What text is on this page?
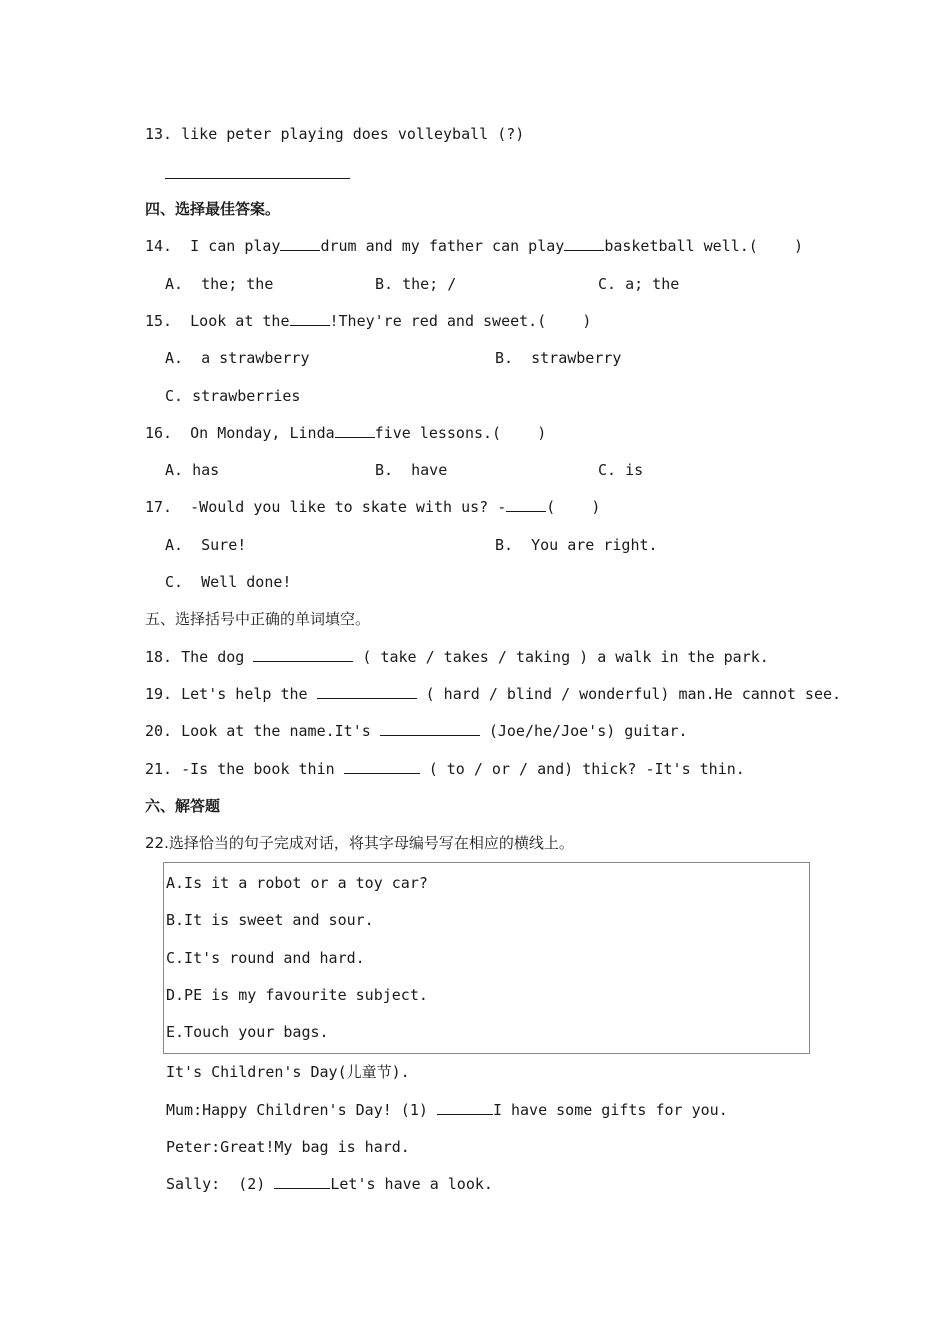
13. like peter playing does volleyball (?)
四、选择最佳答案。
14.  I can play	drum and my father can play	basketball well.(    )
A.  the; the	B. the; /	C. a; the
15.  Look at the	!They're red and sweet.(    )
A.  a strawberry	B.  strawberry
C. strawberries
16.  On Monday, Linda	five lessons.(    )
A. has	B.  have	C. is
17.  -Would you like to skate with us? -	(    )
A.  Sure!	B.  You are right.
C.  Well done!
五、选择括号中正确的单词填空。
18. The dog	( take / takes / taking ) a walk in the park.
19. Let's help the	( hard / blind / wonderful) man.He cannot see.
20. Look at the name.It's	(Joe/he/Joe's) guitar.
21. -Is the book thin	( to / or / and) thick? -It's thin.
六、解答题
22.选择恰当的句子完成对话，将其字母编号写在相应的横线上。
A.Is it a robot or a toy car?
B.It is sweet and sour.
C.It's round and hard.
D.PE is my favourite subject.
E.Touch your bags.
It's Children's Day(儿童节).
Mum:Happy Children's Day! (1)	I have some gifts for you.
Peter:Great!My bag is hard.
Sally:  (2)	Let's have a look.
